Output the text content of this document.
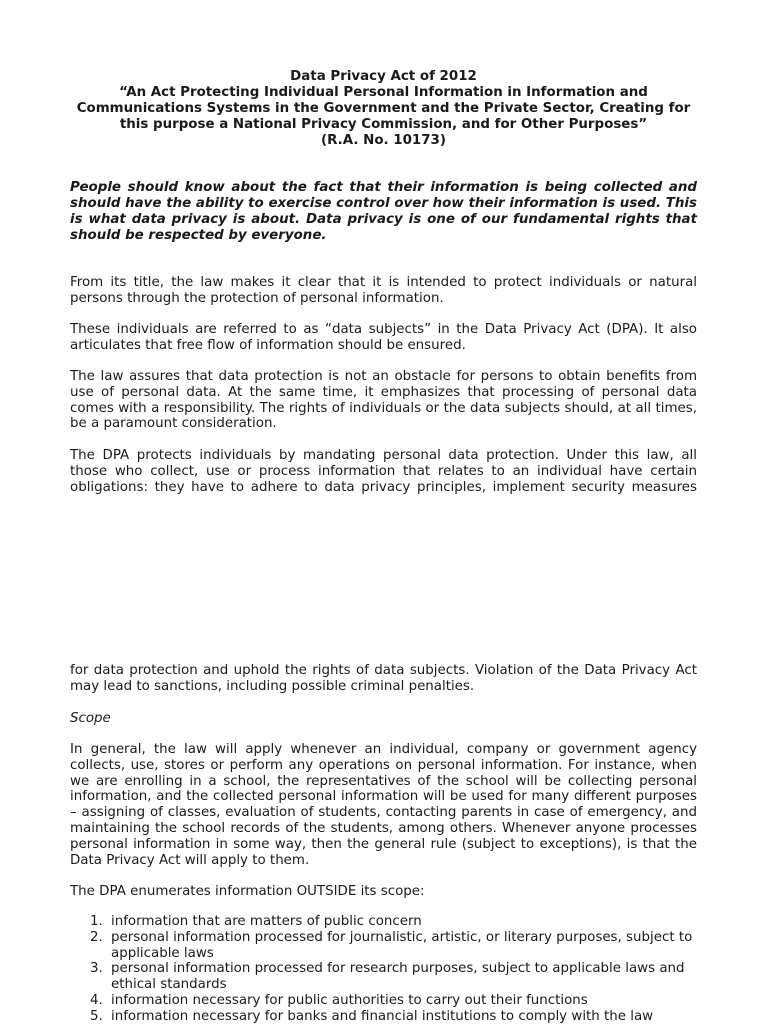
Data Privacy Act of 2012
“An Act Protecting Individual Personal Information in Information and
Communications Systems in the Government and the Private Sector, Creating for
this purpose a National Privacy Commission, and for Other Purposes”
(R.A. No. 10173)
People should know about the fact that their information is being collected and should have the ability to exercise control over how their information is used. This is what data privacy is about. Data privacy is one of our fundamental rights that should be respected by everyone.
From its title, the law makes it clear that it is intended to protect individuals or natural persons through the protection of personal information.
These individuals are referred to as “data subjects” in the Data Privacy Act (DPA). It also articulates that free flow of information should be ensured.
The law assures that data protection is not an obstacle for persons to obtain benefits from use of personal data. At the same time, it emphasizes that processing of personal data comes with a responsibility. The rights of individuals or the data subjects should, at all times, be a paramount consideration.
The DPA protects individuals by mandating personal data protection. Under this law, all those who collect, use or process information that relates to an individual have certain obligations: they have to adhere to data privacy principles, implement security measures
for data protection and uphold the rights of data subjects. Violation of the Data Privacy Act may lead to sanctions, including possible criminal penalties.
Scope
In general, the law will apply whenever an individual, company or government agency collects, use, stores or perform any operations on personal information. For instance, when we are enrolling in a school, the representatives of the school will be collecting personal information, and the collected personal information will be used for many different purposes – assigning of classes, evaluation of students, contacting parents in case of emergency, and maintaining the school records of the students, among others. Whenever anyone processes personal information in some way, then the general rule (subject to exceptions), is that the Data Privacy Act will apply to them.
The DPA enumerates information OUTSIDE its scope:
1. information that are matters of public concern
2. personal information processed for journalistic, artistic, or literary purposes, subject to applicable laws
3. personal information processed for research purposes, subject to applicable laws and ethical standards
4. information necessary for public authorities to carry out their functions
5. information necessary for banks and financial institutions to comply with the law
